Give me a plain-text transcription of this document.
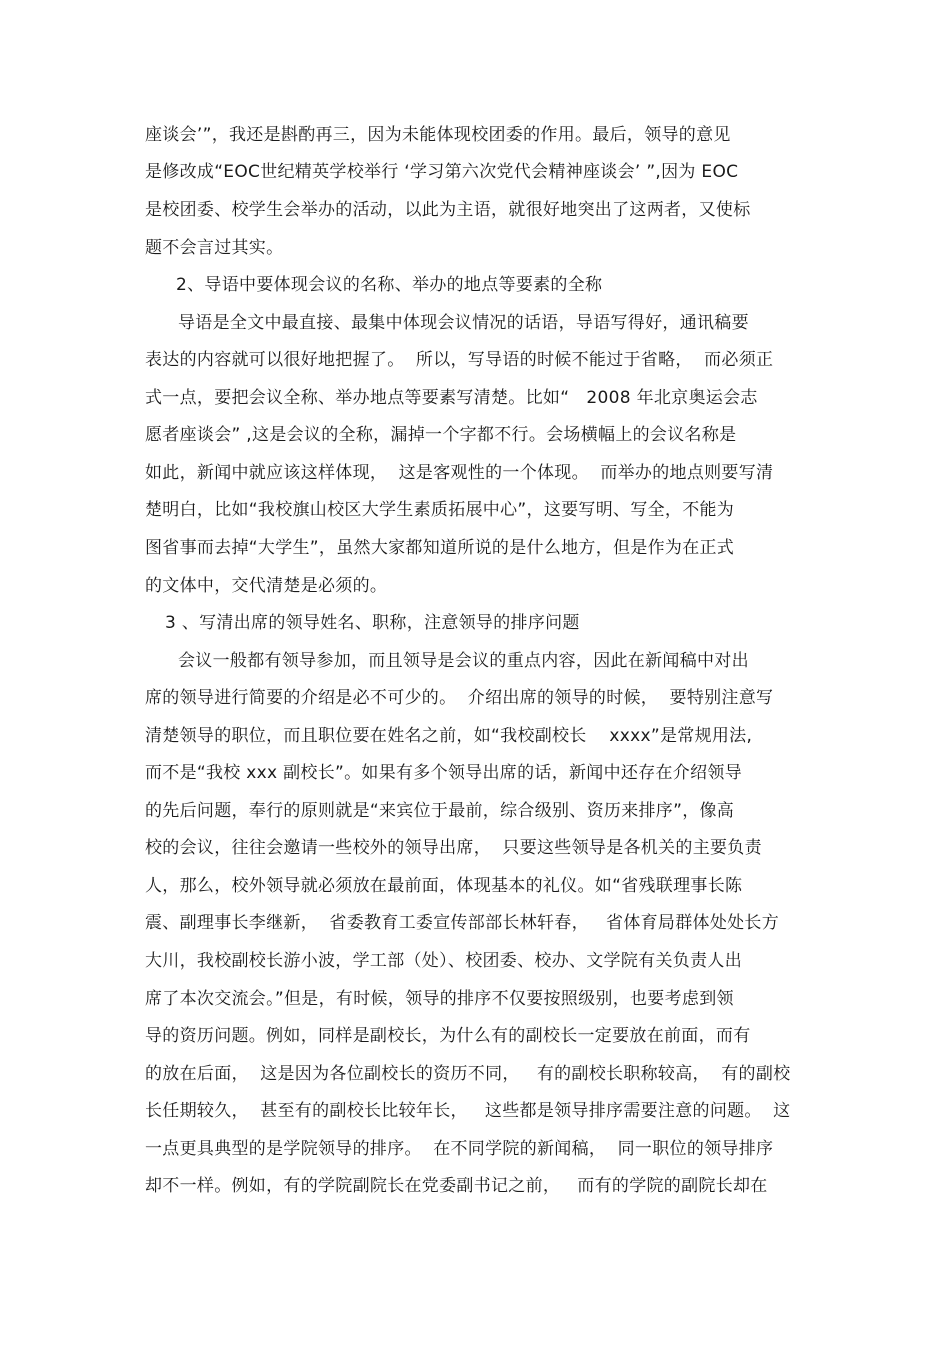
座谈会’”，我还是斟酌再三，因为未能体现校团委的作用。最后，领导的意见
是修改成“EOC世纪精英学校举行 ‘学习第六次党代会精神座谈会’ ”,因为 EOC
是校团委、校学生会举办的活动，以此为主语，就很好地突出了这两者，又使标
题不会言过其实。
2、导语中要体现会议的名称、举办的地点等要素的全称
导语是全文中最直接、最集中体现会议情况的话语，导语写得好，通讯稿要
表达的内容就可以很好地把握了。  所以，写导语的时候不能过于省略，  而必须正
式一点，要把会议全称、举办地点等要素写清楚。比如“   2008 年北京奥运会志
愿者座谈会” ,这是会议的全称，漏掉一个字都不行。会场横幅上的会议名称是
如此，新闻中就应该这样体现，  这是客观性的一个体现。  而举办的地点则要写清
楚明白，比如“我校旗山校区大学生素质拓展中心”，这要写明、写全，不能为
图省事而去掉“大学生”，虽然大家都知道所说的是什么地方，但是作为在正式
的文体中，交代清楚是必须的。
3 、写清出席的领导姓名、职称，注意领导的排序问题
会议一般都有领导参加，而且领导是会议的重点内容，因此在新闻稿中对出
席的领导进行简要的介绍是必不可少的。  介绍出席的领导的时候，  要特别注意写
清楚领导的职位，而且职位要在姓名之前，如“我校副校长    xxxx”是常规用法,
而不是“我校 xxx 副校长”。如果有多个领导出席的话，新闻中还存在介绍领导
的先后问题，奉行的原则就是“来宾位于最前，综合级别、资历来排序”，像高
校的会议，往往会邀请一些校外的领导出席，  只要这些领导是各机关的主要负责
人，那么，校外领导就必须放在最前面，体现基本的礼仪。如“省残联理事长陈
震、副理事长李继新，  省委教育工委宣传部部长林轩春，   省体育局群体处处长方
大川，我校副校长游小波，学工部（处）、校团委、校办、文学院有关负责人出
席了本次交流会。”但是，有时候，领导的排序不仅要按照级别，也要考虑到领
导的资历问题。例如，同样是副校长，为什么有的副校长一定要放在前面，而有
的放在后面，  这是因为各位副校长的资历不同，   有的副校长职称较高，  有的副校
长任期较久，  甚至有的副校长比较年长，   这些都是领导排序需要注意的问题。  这
一点更具典型的是学院领导的排序。  在不同学院的新闻稿，  同一职位的领导排序
却不一样。例如，有的学院副院长在党委副书记之前，   而有的学院的副院长却在
